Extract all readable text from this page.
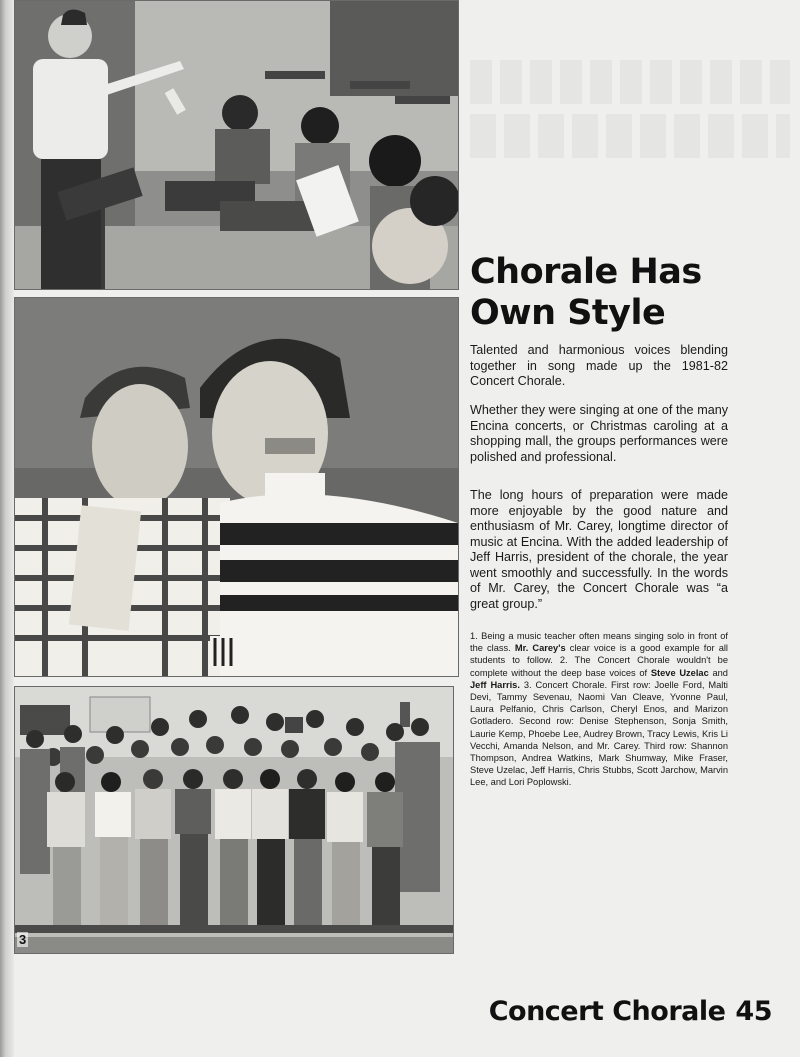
3
Chorale Has
Own Style

Talented and harmonious voices blending together in song made up the 1981-82 Concert Chorale.

Whether they were singing at one of the many Encina concerts, or Christmas caroling at a shopping mall, the groups performances were polished and professional.

The long hours of preparation were made more enjoyable by the good nature and enthusiasm of Mr. Carey, longtime director of music at Encina. With the added leadership of Jeff Harris, president of the chorale, the year went smoothly and successfully. In the words of Mr. Carey, the Concert Chorale was “a great group.”

1. Being a music teacher often means singing solo in front of the class. Mr. Carey's clear voice is a good example for all students to follow. 2. The Concert Chorale wouldn't be complete without the deep base voices of Steve Uzelac and Jeff Harris. 3. Concert Chorale. First row: Joelle Ford, Malti Devi, Tammy Sevenau, Naomi Van Cleave, Yvonne Paul, Laura Pelfanio, Chris Carlson, Cheryl Enos, and Marizon Gotladero. Second row: Denise Stephenson, Sonja Smith, Laurie Kemp, Phoebe Lee, Audrey Brown, Tracy Lewis, Kris Li Vecchi, Amanda Nelson, and Mr. Carey. Third row: Shannon Thompson, Andrea Watkins, Mark Shumway, Mike Fraser, Steve Uzelac, Jeff Harris, Chris Stubbs, Scott Jarchow, Marvin Lee, and Lori Poplowski.

Concert Chorale 45
